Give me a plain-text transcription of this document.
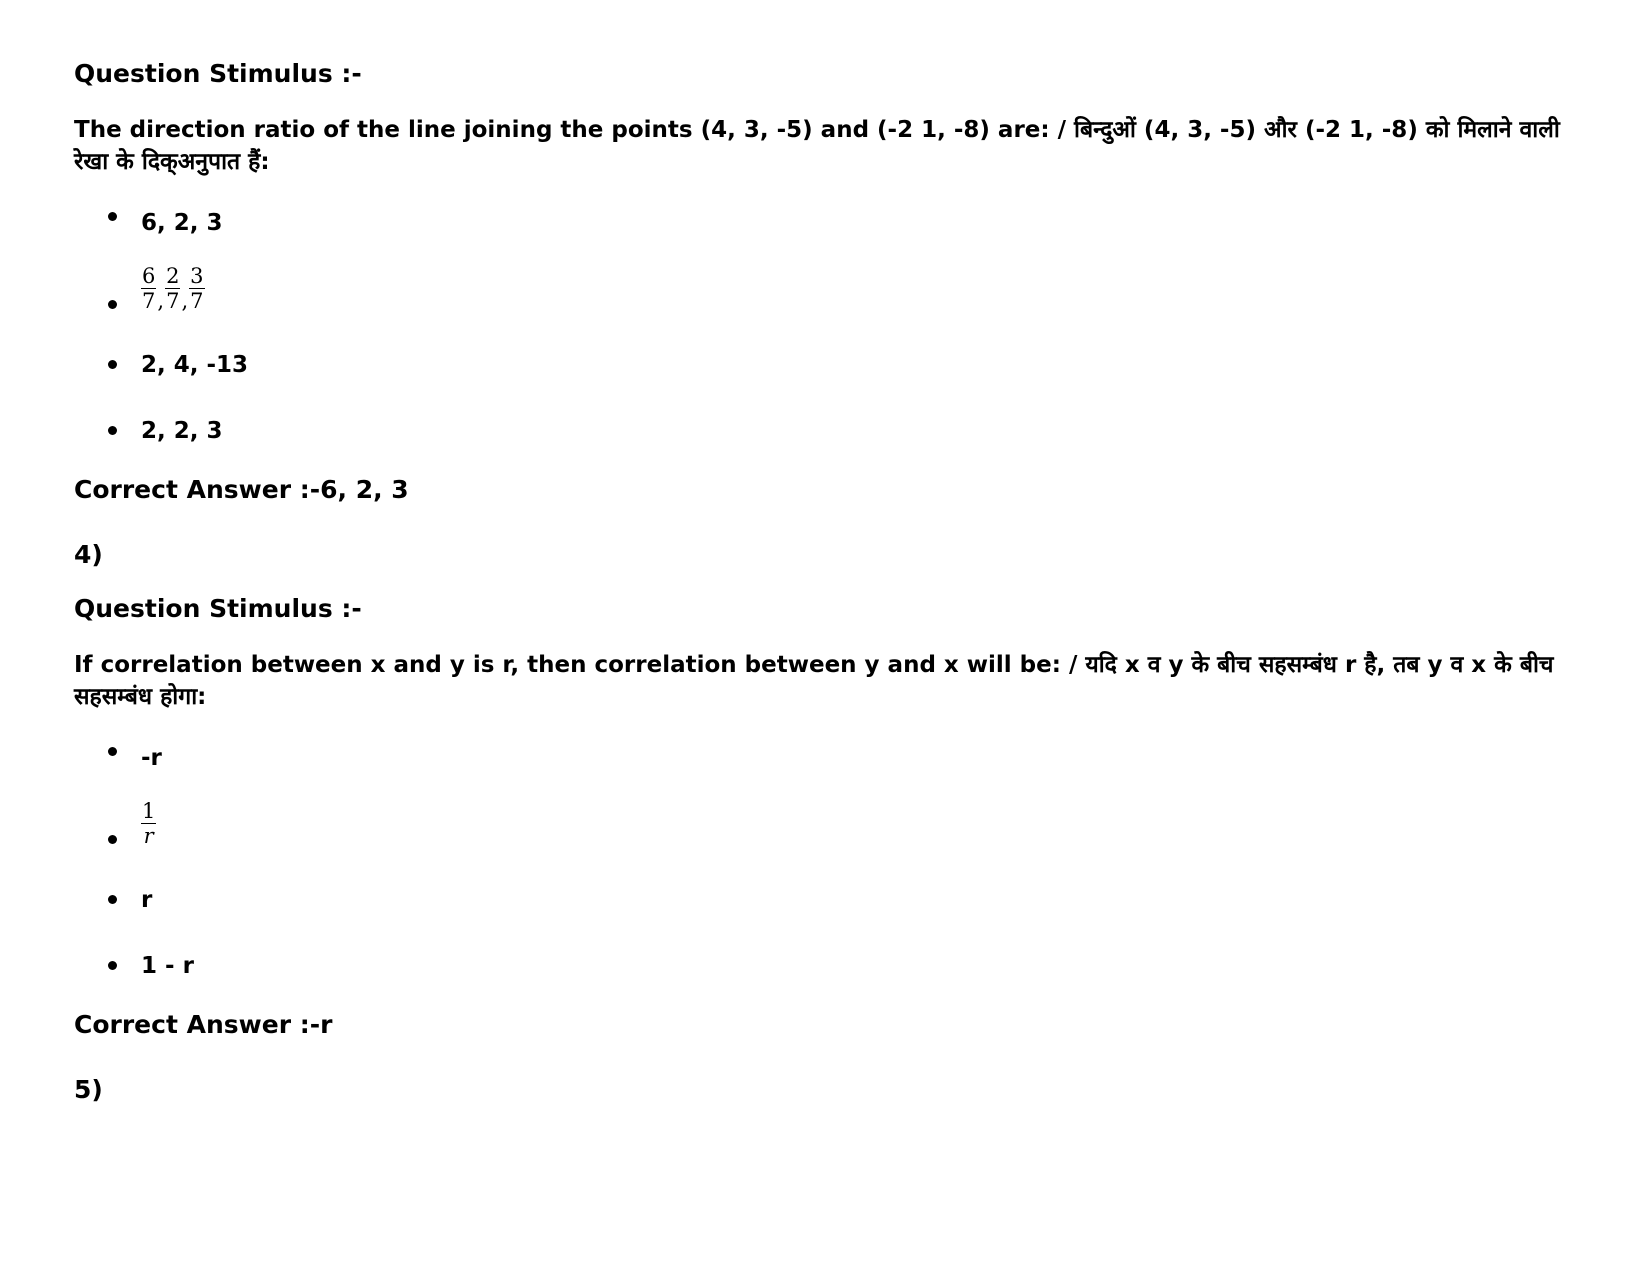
Question Stimulus :-

The direction ratio of the line joining the points (4, 3, -5) and (-2 1, -8) are: / बिन्दुओं (4, 3, -5) और (-2 1, -8) को मिलाने वाली रेखा के दिक्अनुपात हैं:

6, 2, 3
$\frac{6}{7}$ , $\frac{2}{7}$ , $\frac{3}{7}$
2, 4, -13
2, 2, 3

Correct Answer :-6, 2, 3

4)

Question Stimulus :-

If correlation between x and y is r, then correlation between y and x will be: / यदि x व y के बीच सहसम्बंध r है, तब y व x के बीच सहसम्बंध होगा:

-r
$\frac{1}{r}$
r
1 - r

Correct Answer :-r

5)
